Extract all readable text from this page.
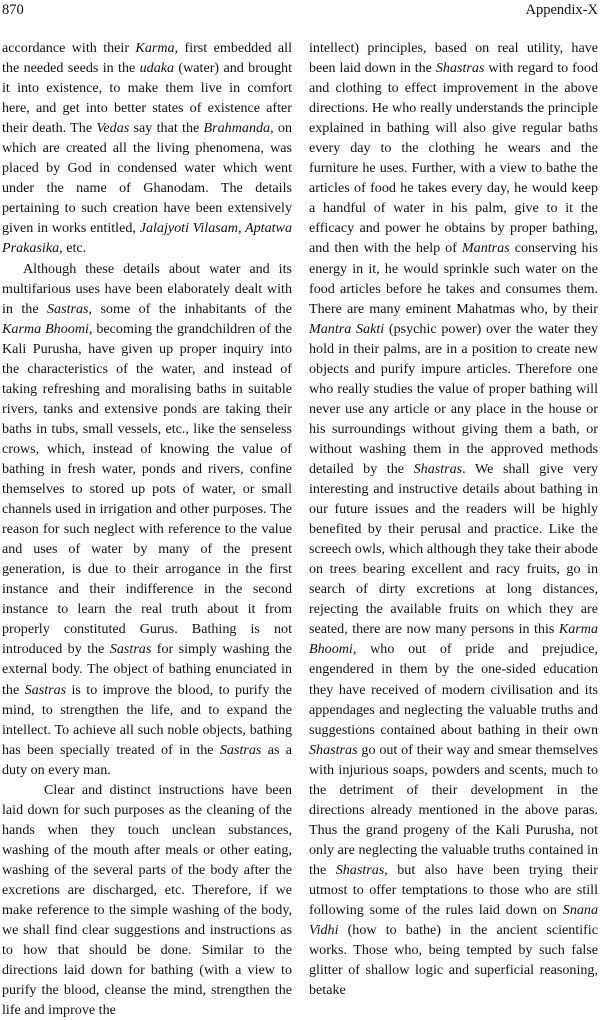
870	Appendix-X

accordance with their Karma, first embedded all the needed seeds in the udaka (water) and brought it into existence, to make them live in comfort here, and get into better states of existence after their death. The Vedas say that the Brahmanda, on which are created all the living phenomena, was placed by God in condensed water which went under the name of Ghanodam. The details pertaining to such creation have been extensively given in works entitled, Jalajyoti Vilasam, Aptatwa Prakasika, etc.

Although these details about water and its multifarious uses have been elaborately dealt with in the Sastras, some of the inhabitants of the Karma Bhoomi, becoming the grandchildren of the Kali Purusha, have given up proper inquiry into the characteristics of the water, and instead of taking refreshing and moralising baths in suitable rivers, tanks and extensive ponds are taking their baths in tubs, small vessels, etc., like the senseless crows, which, instead of knowing the value of bathing in fresh water, ponds and rivers, confine themselves to stored up pots of water, or small channels used in irrigation and other purposes. The reason for such neglect with reference to the value and uses of water by many of the present generation, is due to their arrogance in the first instance and their indifference in the second instance to learn the real truth about it from properly constituted Gurus. Bathing is not introduced by the Sastras for simply washing the external body. The object of bathing enunciated in the Sastras is to improve the blood, to purify the mind, to strengthen the life, and to expand the intellect. To achieve all such noble objects, bathing has been specially treated of in the Sastras as a duty on every man.

Clear and distinct instructions have been laid down for such purposes as the cleaning of the hands when they touch unclean substances, washing of the mouth after meals or other eating, washing of the several parts of the body after the excretions are discharged, etc. Therefore, if we make reference to the simple washing of the body, we shall find clear suggestions and instructions as to how that should be done. Similar to the directions laid down for bathing (with a view to purify the blood, cleanse the mind, strengthen the life and improve the

intellect) principles, based on real utility, have been laid down in the Shastras with regard to food and clothing to effect improvement in the above directions. He who really understands the principle explained in bathing will also give regular baths every day to the clothing he wears and the furniture he uses. Further, with a view to bathe the articles of food he takes every day, he would keep a handful of water in his palm, give to it the efficacy and power he obtains by proper bathing, and then with the help of Mantras conserving his energy in it, he would sprinkle such water on the food articles before he takes and consumes them. There are many eminent Mahatmas who, by their Mantra Sakti (psychic power) over the water they hold in their palms, are in a position to create new objects and purify impure articles. Therefore one who really studies the value of proper bathing will never use any article or any place in the house or his surroundings without giving them a bath, or without washing them in the approved methods detailed by the Shastras. We shall give very interesting and instructive details about bathing in our future issues and the readers will be highly benefited by their perusal and practice. Like the screech owls, which although they take their abode on trees bearing excellent and racy fruits, go in search of dirty excretions at long distances, rejecting the available fruits on which they are seated, there are now many persons in this Karma Bhoomi, who out of pride and prejudice, engendered in them by the one-sided education they have received of modern civilisation and its appendages and neglecting the valuable truths and suggestions contained about bathing in their own Shastras go out of their way and smear themselves with injurious soaps, powders and scents, much to the detriment of their development in the directions already mentioned in the above paras. Thus the grand progeny of the Kali Purusha, not only are neglecting the valuable truths contained in the Shastras, but also have been trying their utmost to offer temptations to those who are still following some of the rules laid down on Snana Vidhi (how to bathe) in the ancient scientific works. Those who, being tempted by such false glitter of shallow logic and superficial reasoning, betake
